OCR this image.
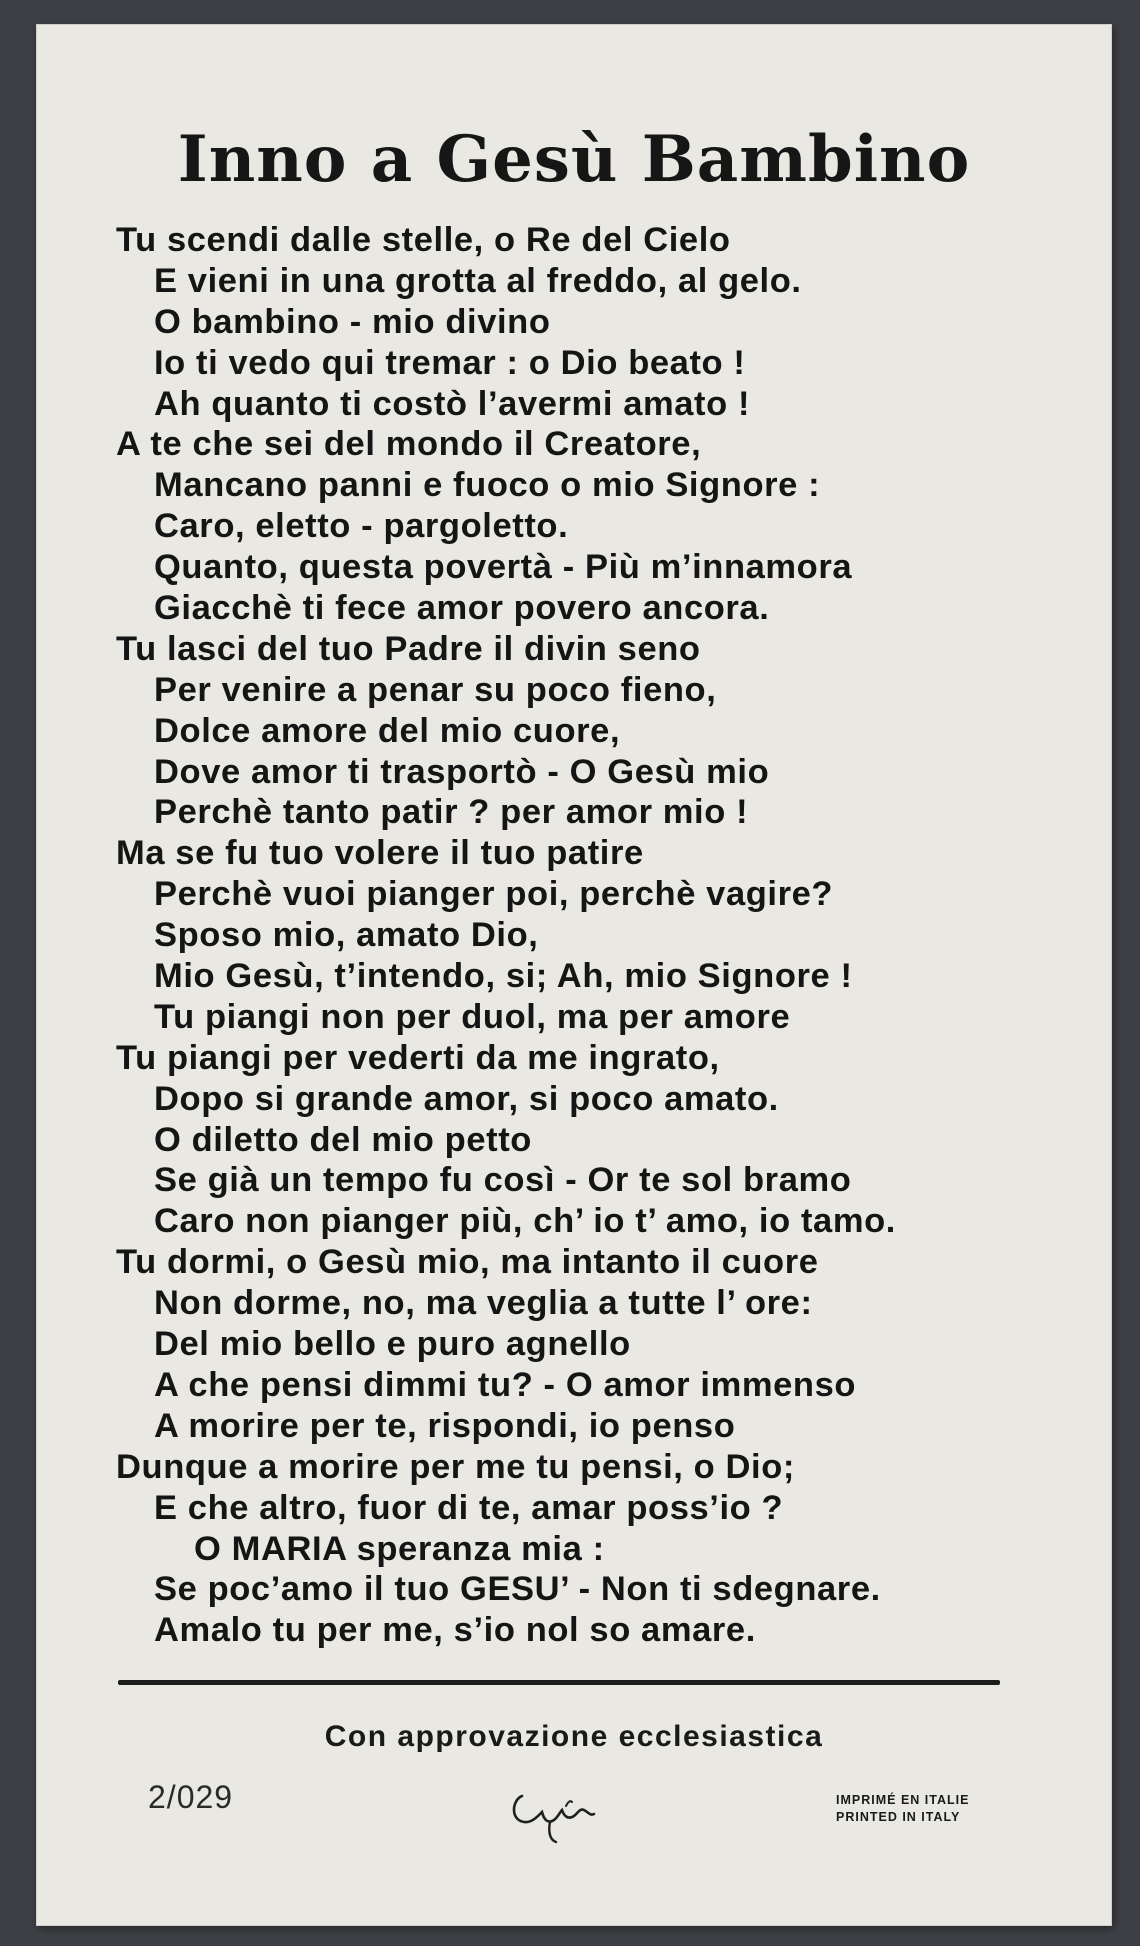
Inno a Gesù Bambino
Tu scendi dalle stelle, o Re del Cielo
E vieni in una grotta al freddo, al gelo.
O bambino - mio divino
Io ti vedo qui tremar : o Dio beato !
Ah quanto ti costò l’avermi amato !
A te che sei del mondo il Creatore,
Mancano panni e fuoco o mio Signore :
Caro, eletto - pargoletto.
Quanto, questa povertà - Più m’innamora
Giacchè ti fece amor povero ancora.
Tu lasci del tuo Padre il divin seno
Per venire a penar su poco fieno,
Dolce amore del mio cuore,
Dove amor ti trasportò - O Gesù mio
Perchè tanto patir ? per amor mio !
Ma se fu tuo volere il tuo patire
Perchè vuoi pianger poi, perchè vagire?
Sposo mio, amato Dio,
Mio Gesù, t’intendo, si; Ah, mio Signore !
Tu piangi non per duol, ma per amore
Tu piangi per vederti da me ingrato,
Dopo si grande amor, si poco amato.
O diletto del mio petto
Se già un tempo fu così - Or te sol bramo
Caro non pianger più, ch’ io t’ amo, io tamo.
Tu dormi, o Gesù mio, ma intanto il cuore
Non dorme, no, ma veglia a tutte l’ ore:
Del mio bello e puro agnello
A che pensi dimmi tu? - O amor immenso
A morire per te, rispondi, io penso
Dunque a morire per me tu pensi, o Dio;
E che altro, fuor di te, amar poss’io ?
O MARIA speranza mia :
Se poc’amo il tuo GESU’ - Non ti sdegnare.
Amalo tu per me, s’io nol so amare.
Con approvazione ecclesiastica
2/029	IMPRIMÉ EN ITALIE
PRINTED IN ITALY
